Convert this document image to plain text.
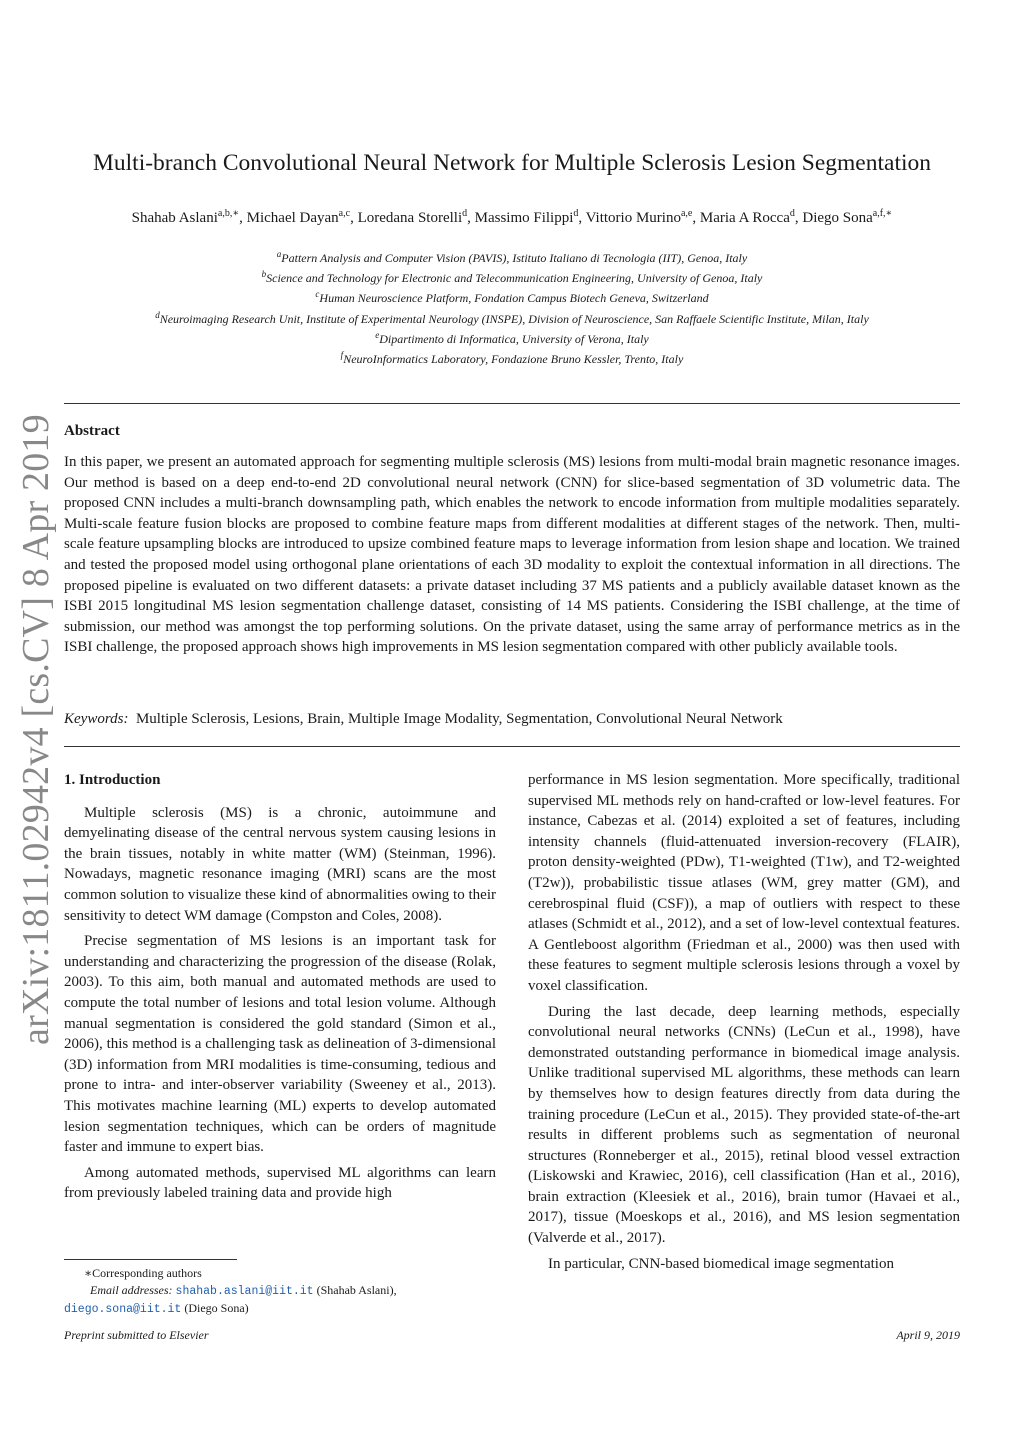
arXiv:1811.02942v4 [cs.CV] 8 Apr 2019
Multi-branch Convolutional Neural Network for Multiple Sclerosis Lesion Segmentation
Shahab Aslani$^{a,b,∗}$, Michael Dayan$^{a,c}$, Loredana Storelli$^d$, Massimo Filippi$^d$, Vittorio Murino$^{a,e}$, Maria A Rocca$^d$, Diego Sona$^{a,f,∗}$
$^a$Pattern Analysis and Computer Vision (PAVIS), Istituto Italiano di Tecnologia (IIT), Genoa, Italy
$^b$Science and Technology for Electronic and Telecommunication Engineering, University of Genoa, Italy
$^c$Human Neuroscience Platform, Fondation Campus Biotech Geneva, Switzerland
$^d$Neuroimaging Research Unit, Institute of Experimental Neurology (INSPE), Division of Neuroscience, San Raffaele Scientific Institute, Milan, Italy
$^e$Dipartimento di Informatica, University of Verona, Italy
$^f$NeuroInformatics Laboratory, Fondazione Bruno Kessler, Trento, Italy
Abstract

In this paper, we present an automated approach for segmenting multiple sclerosis (MS) lesions from multi-modal brain magnetic resonance images. Our method is based on a deep end-to-end 2D convolutional neural network (CNN) for slice-based segmentation of 3D volumetric data. The proposed CNN includes a multi-branch downsampling path, which enables the network to encode information from multiple modalities separately. Multi-scale feature fusion blocks are proposed to combine feature maps from different modalities at different stages of the network. Then, multi-scale feature upsampling blocks are introduced to upsize combined feature maps to leverage information from lesion shape and location. We trained and tested the proposed model using orthogonal plane orientations of each 3D modality to exploit the contextual information in all directions. The proposed pipeline is evaluated on two different datasets: a private dataset including 37 MS patients and a publicly available dataset known as the ISBI 2015 longitudinal MS lesion segmentation challenge dataset, consisting of 14 MS patients. Considering the ISBI challenge, at the time of submission, our method was amongst the top performing solutions. On the private dataset, using the same array of performance metrics as in the ISBI challenge, the proposed approach shows high improvements in MS lesion segmentation compared with other publicly available tools.

Keywords: Multiple Sclerosis, Lesions, Brain, Multiple Image Modality, Segmentation, Convolutional Neural Network
1. Introduction

Multiple sclerosis (MS) is a chronic, autoimmune and demyelinating disease of the central nervous system causing lesions in the brain tissues, notably in white matter (WM) (Steinman, 1996). Nowadays, magnetic resonance imaging (MRI) scans are the most common solution to visualize these kind of abnormalities owing to their sensitivity to detect WM damage (Compston and Coles, 2008).

Precise segmentation of MS lesions is an important task for understanding and characterizing the progression of the disease (Rolak, 2003). To this aim, both manual and automated methods are used to compute the total number of lesions and total lesion volume. Although manual segmentation is considered the gold standard (Simon et al., 2006), this method is a challenging task as delineation of 3-dimensional (3D) information from MRI modalities is time-consuming, tedious and prone to intra- and inter-observer variability (Sweeney et al., 2013). This motivates machine learning (ML) experts to develop automated lesion segmentation techniques, which can be orders of magnitude faster and immune to expert bias.

Among automated methods, supervised ML algorithms can learn from previously labeled training data and provide high

performance in MS lesion segmentation. More specifically, traditional supervised ML methods rely on hand-crafted or low-level features. For instance, Cabezas et al. (2014) exploited a set of features, including intensity channels (fluid-attenuated inversion-recovery (FLAIR), proton density-weighted (PDw), T1-weighted (T1w), and T2-weighted (T2w)), probabilistic tissue atlases (WM, grey matter (GM), and cerebrospinal fluid (CSF)), a map of outliers with respect to these atlases (Schmidt et al., 2012), and a set of low-level contextual features. A Gentleboost algorithm (Friedman et al., 2000) was then used with these features to segment multiple sclerosis lesions through a voxel by voxel classification.

During the last decade, deep learning methods, especially convolutional neural networks (CNNs) (LeCun et al., 1998), have demonstrated outstanding performance in biomedical image analysis. Unlike traditional supervised ML algorithms, these methods can learn by themselves how to design features directly from data during the training procedure (LeCun et al., 2015). They provided state-of-the-art results in different problems such as segmentation of neuronal structures (Ronneberger et al., 2015), retinal blood vessel extraction (Liskowski and Krawiec, 2016), cell classification (Han et al., 2016), brain extraction (Kleesiek et al., 2016), brain tumor (Havaei et al., 2017), tissue (Moeskops et al., 2016), and MS lesion segmentation (Valverde et al., 2017).

In particular, CNN-based biomedical image segmentation

∗Corresponding authors
Email addresses: shahab.aslani@iit.it (Shahab Aslani),
diego.sona@iit.it (Diego Sona)
Preprint submitted to Elsevier	April 9, 2019
